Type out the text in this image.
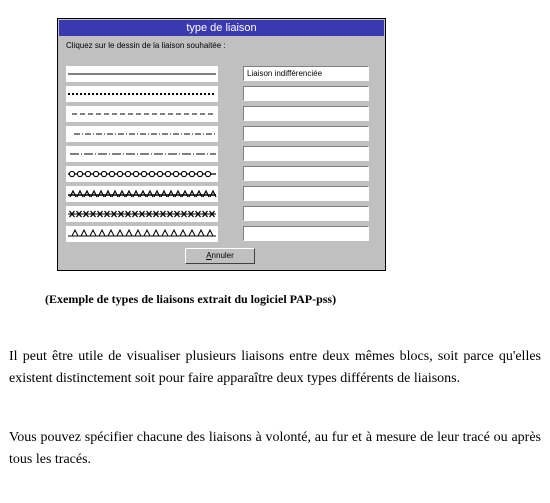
type de liaison
Cliquez sur le dessin de la liaison souhaitée :
Liaison indifférenciée
Annuler
(Exemple de types de liaisons extrait du logiciel PAP-pss)

Il peut être utile de visualiser plusieurs liaisons entre deux mêmes blocs, soit parce qu'elles existent distinctement soit pour faire apparaître deux types différents de liaisons.

Vous pouvez spécifier chacune des liaisons à volonté, au fur et à mesure de leur tracé ou après tous les tracés.
